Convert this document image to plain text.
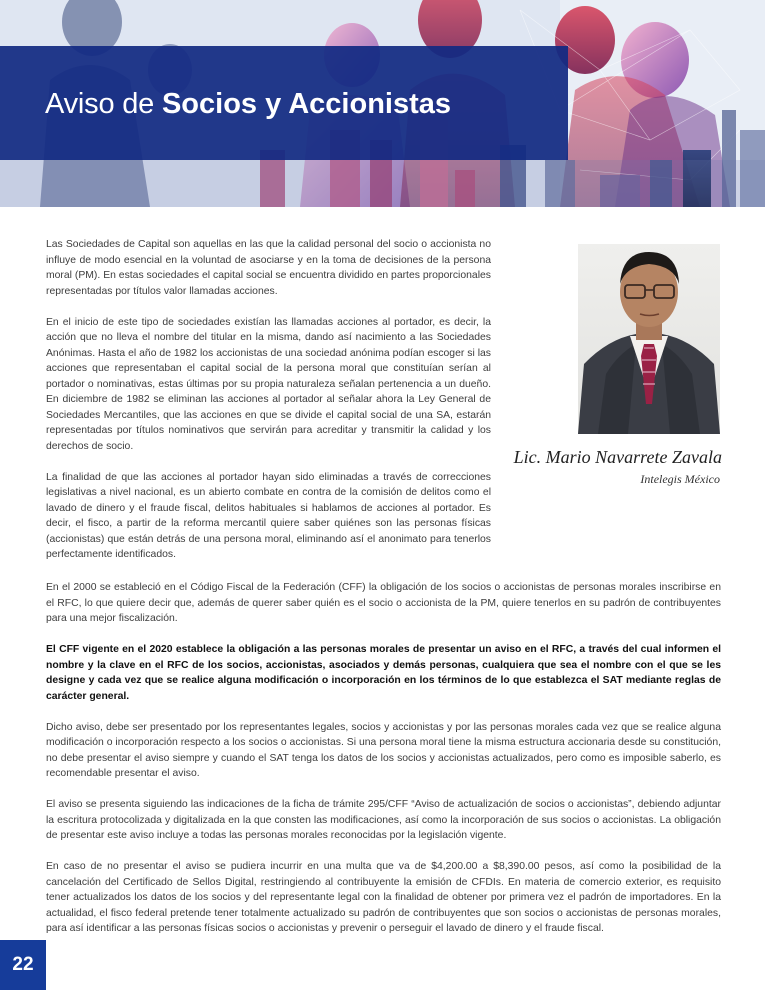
Aviso de Socios y Accionistas

Las Sociedades de Capital son aquellas en las que la calidad personal del socio o accionista no influye de modo esencial en la voluntad de asociarse y en la toma de decisiones de la persona moral (PM). En estas sociedades el capital social se encuentra dividido en partes proporcionales representadas por títulos valor llamadas acciones.

En el inicio de este tipo de sociedades existían las llamadas acciones al portador, es decir, la acción que no lleva el nombre del titular en la misma, dando así nacimiento a las Sociedades Anónimas. Hasta el año de 1982 los accionistas de una sociedad anónima podían escoger si las acciones que representaban el capital social de la persona moral que constituían serían al portador o nominativas, estas últimas por su propia naturaleza señalan pertenencia a un dueño. En diciembre de 1982 se eliminan las acciones al portador al señalar ahora la Ley General de Sociedades Mercantiles, que las acciones en que se divide el capital social de una SA, estarán representadas por títulos nominativos que servirán para acreditar y transmitir la calidad y los derechos de socio.

La finalidad de que las acciones al portador hayan sido eliminadas a través de correcciones legislativas a nivel nacional, es un abierto combate en contra de la comisión de delitos como el lavado de dinero y el fraude fiscal, delitos habituales si hablamos de acciones al portador. Es decir, el fisco, a partir de la reforma mercantil quiere saber quiénes son las personas físicas (accionistas) que están detrás de una persona moral, eliminando así el anonimato para tenerlos perfectamente identificados.

Lic. Mario Navarrete Zavala
Intelegis México

En el 2000 se estableció en el Código Fiscal de la Federación (CFF) la obligación de los socios o accionistas de personas morales inscribirse en el RFC, lo que quiere decir que, además de querer saber quién es el socio o accionista de la PM, quiere tenerlos en su padrón de contribuyentes para una mejor fiscalización.

El CFF vigente en el 2020 establece la obligación a las personas morales de presentar un aviso en el RFC, a través del cual informen el nombre y la clave en el RFC de los socios, accionistas, asociados y demás personas, cualquiera que sea el nombre con el que se les designe y cada vez que se realice alguna modificación o incorporación en los términos de lo que establezca el SAT mediante reglas de carácter general.

Dicho aviso, debe ser presentado por los representantes legales, socios y accionistas y por las personas morales cada vez que se realice alguna modificación o incorporación respecto a los socios o accionistas. Si una persona moral tiene la misma estructura accionaria desde su constitución, no debe presentar el aviso siempre y cuando el SAT tenga los datos de los socios y accionistas actualizados, pero como es imposible saberlo, es recomendable presentar el aviso.

El aviso se presenta siguiendo las indicaciones de la ficha de trámite 295/CFF “Aviso de actualización de socios o accionistas”, debiendo adjuntar la escritura protocolizada y digitalizada en la que consten las modificaciones, así como la incorporación de sus socios o accionistas. La obligación de presentar este aviso incluye a todas las personas morales reconocidas por la legislación vigente.

En caso de no presentar el aviso se pudiera incurrir en una multa que va de $4,200.00 a $8,390.00 pesos, así como la posibilidad de la cancelación del Certificado de Sellos Digital, restringiendo al contribuyente la emisión de CFDIs. En materia de comercio exterior, es requisito tener actualizados los datos de los socios y del representante legal con la finalidad de obtener por primera vez el padrón de importadores. En la actualidad, el fisco federal pretende tener totalmente actualizado su padrón de contribuyentes que son socios o accionistas de personas morales, para así identificar a las personas físicas socios o accionistas y prevenir o perseguir el lavado de dinero y el fraude fiscal.

22
